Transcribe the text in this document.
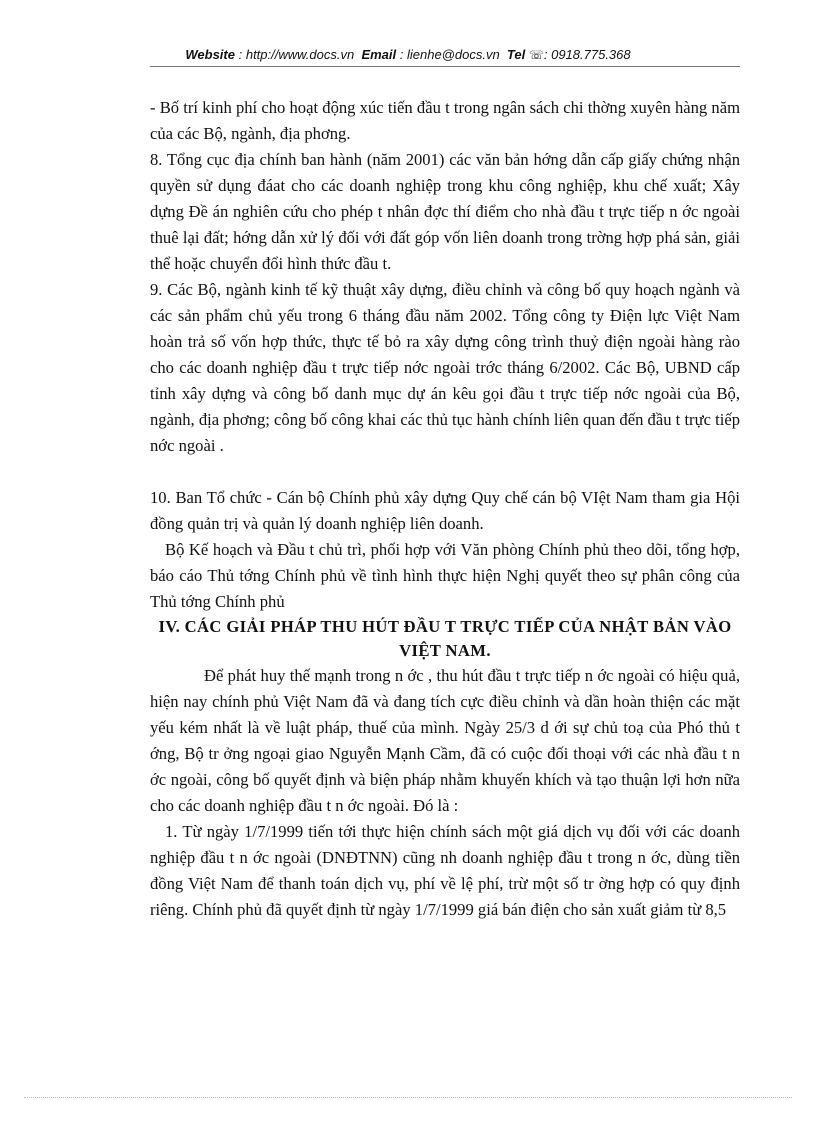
Website : http://www.docs.vn Email : lienhe@docs.vn Tel ☏: 0918.775.368

- Bố trí kinh phí cho hoạt động xúc tiến đầu t trong ngân sách chi thờng xuyên hàng năm của các Bộ, ngành, địa phơng.

8. Tổng cục địa chính ban hành (năm 2001) các văn bản hớng dẫn cấp giấy chứng nhận quyền sử dụng đáat cho các doanh nghiệp trong khu công nghiệp, khu chế xuất; Xây dựng Đề án nghiên cứu cho phép t nhân đợc thí điểm cho nhà đầu t trực tiếp n ớc ngoài thuê lại đất; hớng dẫn xử lý đối với đất góp vốn liên doanh trong trờng hợp phá sản, giải thể hoặc chuyển đổi hình thức đầu t.

9. Các Bộ, ngành kinh tế kỹ thuật xây dựng, điều chỉnh và công bố quy hoạch ngành và các sản phẩm chủ yếu trong 6 tháng đầu năm 2002. Tổng công ty Điện lực Việt Nam hoàn trả số vốn hợp thức, thực tế bỏ ra xây dựng công trình thuỷ điện ngoài hàng rào cho các doanh nghiệp đầu t trực tiếp nớc ngoài trớc tháng 6/2002. Các Bộ, UBND cấp tỉnh xây dựng và công bố danh mục dự án kêu gọi đầu t trực tiếp nớc ngoài của Bộ, ngành, địa phơng; công bố công khai các thủ tục hành chính liên quan đến đầu t trực tiếp nớc ngoài .

10. Ban Tổ chức - Cán bộ Chính phủ xây dựng Quy chế cán bộ VIệt Nam tham gia Hội đồng quản trị và quản lý doanh nghiệp liên doanh.

Bộ Kế hoạch và Đầu t chủ trì, phối hợp với Văn phòng Chính phủ theo dõi, tổng hợp, báo cáo Thủ tớng Chính phủ về tình hình thực hiện Nghị quyết theo sự phân công của Thủ tớng Chính phủ

IV. CÁC GIẢI PHÁP THU HÚT ĐẦU T TRỰC TIẾP CỦA NHẬT BẢN VÀO VIỆT NAM.

Để phát huy thế mạnh trong n ớc , thu hút đầu t trực tiếp n ớc ngoài có hiệu quả, hiện nay chính phủ Việt Nam đã và đang tích cực điều chỉnh và dần hoàn thiện các mặt yếu kém nhất là về luật pháp, thuế của mình. Ngày 25/3 d ới sự chủ toạ của Phó thủ t ớng, Bộ tr ởng ngoại giao Nguyễn Mạnh Cầm, đã có cuộc đối thoại với các nhà đầu t n ớc ngoài, công bố quyết định và biện pháp nhằm khuyến khích và tạo thuận lợi hơn nữa cho các doanh nghiệp đầu t n ớc ngoài. Đó là :

1. Từ ngày 1/7/1999 tiến tới thực hiện chính sách một giá dịch vụ đối với các doanh nghiệp đầu t n ớc ngoài (DNĐTNN) cũng nh doanh nghiệp đầu t trong n ớc, dùng tiền đồng Việt Nam để thanh toán dịch vụ, phí về lệ phí, trừ một số tr ờng hợp có quy định riêng. Chính phủ đã quyết định từ ngày 1/7/1999 giá bán điện cho sản xuất giảm từ 8,5
